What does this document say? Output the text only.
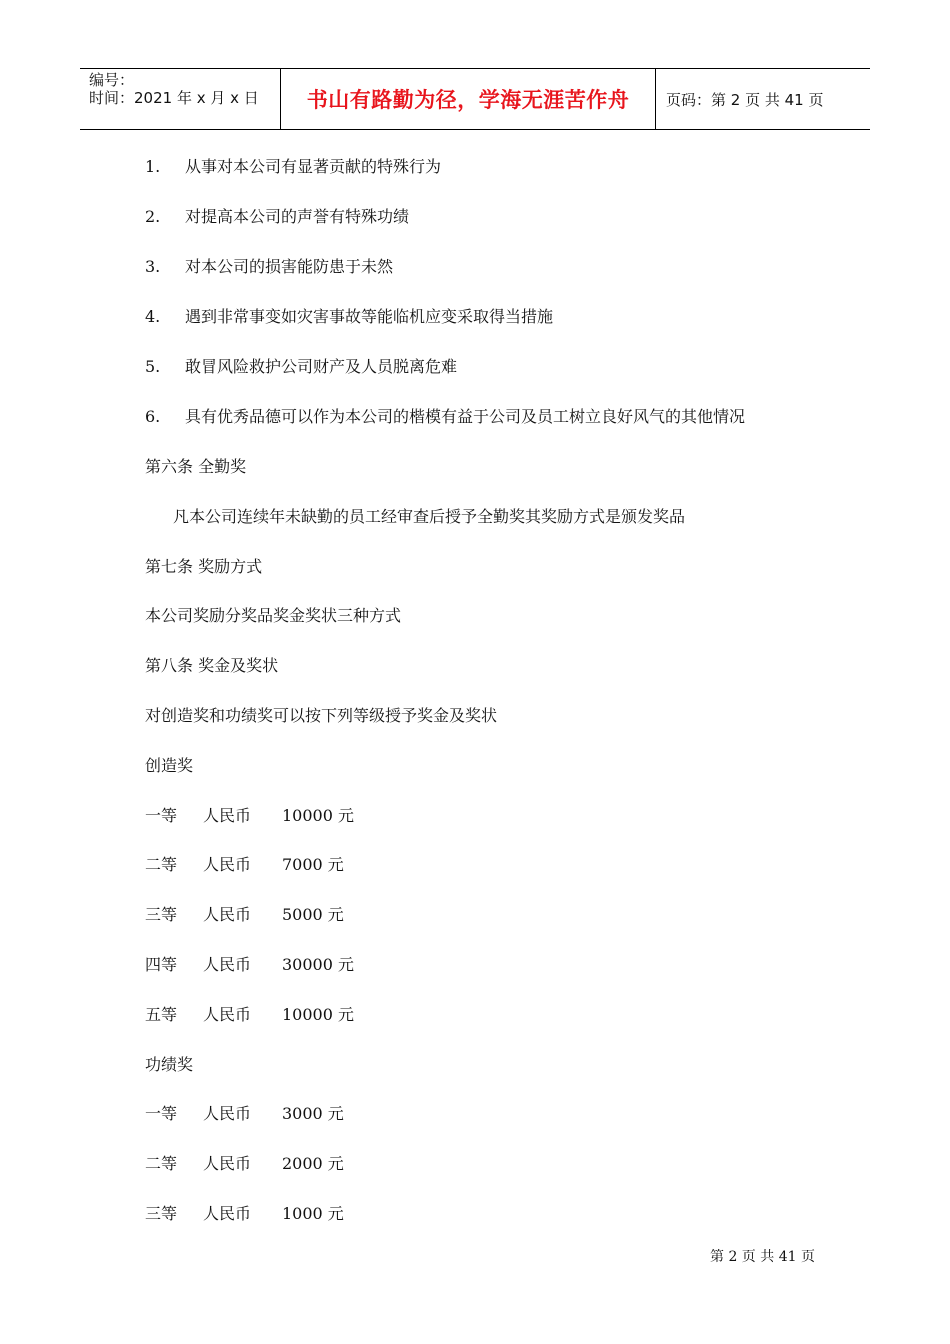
编号：
时间：2021 年 x 月 x 日	书山有路勤为径，学海无涯苦作舟	页码：第 2 页 共 41 页
1. 从事对本公司有显著贡献的特殊行为
2. 对提高本公司的声誉有特殊功绩
3. 对本公司的损害能防患于未然
4. 遇到非常事变如灾害事故等能临机应变采取得当措施
5. 敢冒风险救护公司财产及人员脱离危难
6. 具有优秀品德可以作为本公司的楷模有益于公司及员工树立良好风气的其他情况
第六条 全勤奖
凡本公司连续年未缺勤的员工经审查后授予全勤奖其奖励方式是颁发奖品
第七条 奖励方式
本公司奖励分奖品奖金奖状三种方式
第八条 奖金及奖状
对创造奖和功绩奖可以按下列等级授予奖金及奖状
创造奖
一等 人民币 10000 元
二等 人民币 7000 元
三等 人民币 5000 元
四等 人民币 30000 元
五等 人民币 10000 元
功绩奖
一等 人民币 3000 元
二等 人民币 2000 元
三等 人民币 1000 元
第 2 页 共 41 页
